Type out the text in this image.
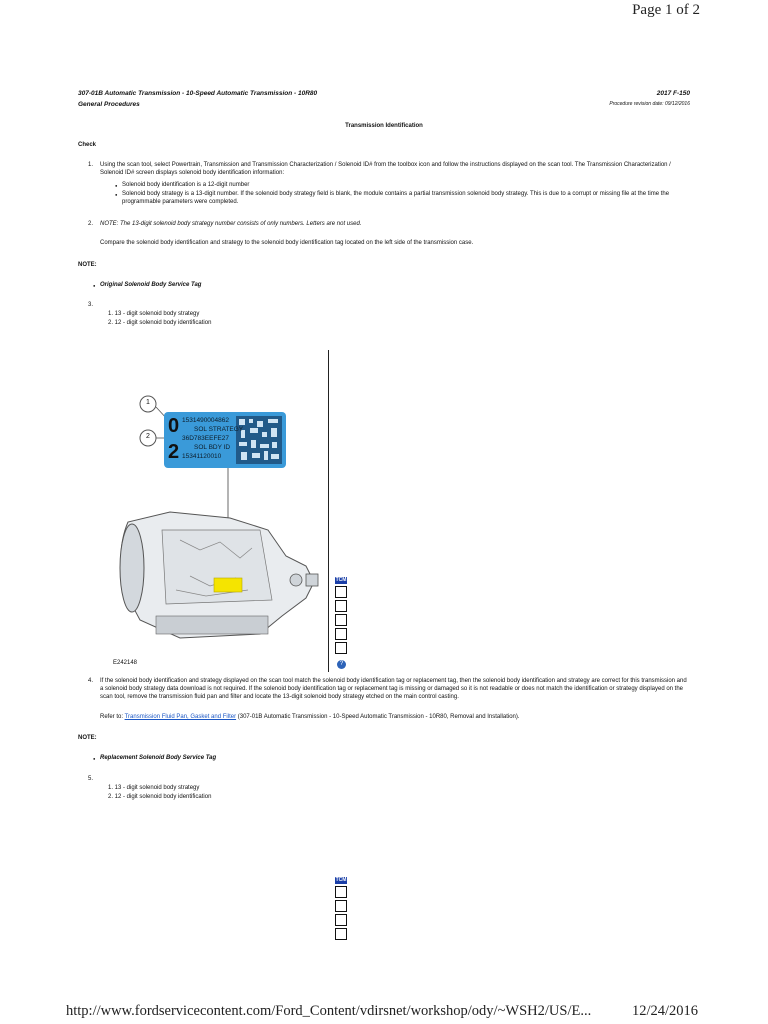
Page 1 of 2
307-01B Automatic Transmission - 10-Speed Automatic Transmission - 10R80
General Procedures
2017 F-150
Procedure revision date: 09/12/2016
Transmission Identification
Check
1. Using the scan tool, select Powertrain, Transmission and Transmission Characterization / Solenoid ID# from the toolbox icon and follow the instructions displayed on the scan tool. The Transmission Characterization / Solenoid ID# screen displays solenoid body identification information:
● Solenoid body identification is a 12-digit number
● Solenoid body strategy is a 13-digit number. If the solenoid body strategy field is blank, the module contains a partial transmission solenoid body strategy. This is due to a corrupt or missing file at the time the programmable parameters were completed.
2. NOTE: The 13-digit solenoid body strategy number consists of only numbers. Letters are not used.
Compare the solenoid body identification and strategy to the solenoid body identification tag located on the left side of the transmission case.
NOTE:
● Original Solenoid Body Service Tag
3.
1. 13 - digit solenoid body strategy
2. 12 - digit solenoid body identification
0
2
1531490004862
SOL STRATEGY
36D783EEFE27
SOL BDY ID
15341120010
1
2
E242148
TCM
?
4. If the solenoid body identification and strategy displayed on the scan tool match the solenoid body identification tag or replacement tag, then the solenoid body identification and strategy are correct for this transmission and a solenoid body strategy data download is not required. If the solenoid body identification tag or replacement tag is missing or damaged so it is not readable or does not match the identification or strategy displayed on the scan tool, remove the transmission fluid pan and filter and locate the 13-digit solenoid body strategy etched on the main control casting.
Refer to: Transmission Fluid Pan, Gasket and Filter (307-01B Automatic Transmission - 10-Speed Automatic Transmission - 10R80, Removal and Installation).
NOTE:
● Replacement Solenoid Body Service Tag
5.
1. 13 - digit solenoid body strategy
2. 12 - digit solenoid body identification
TCM
http://www.fordservicecontent.com/Ford_Content/vdirsnet/workshop/ody/~WSH2/US/E...	12/24/2016
